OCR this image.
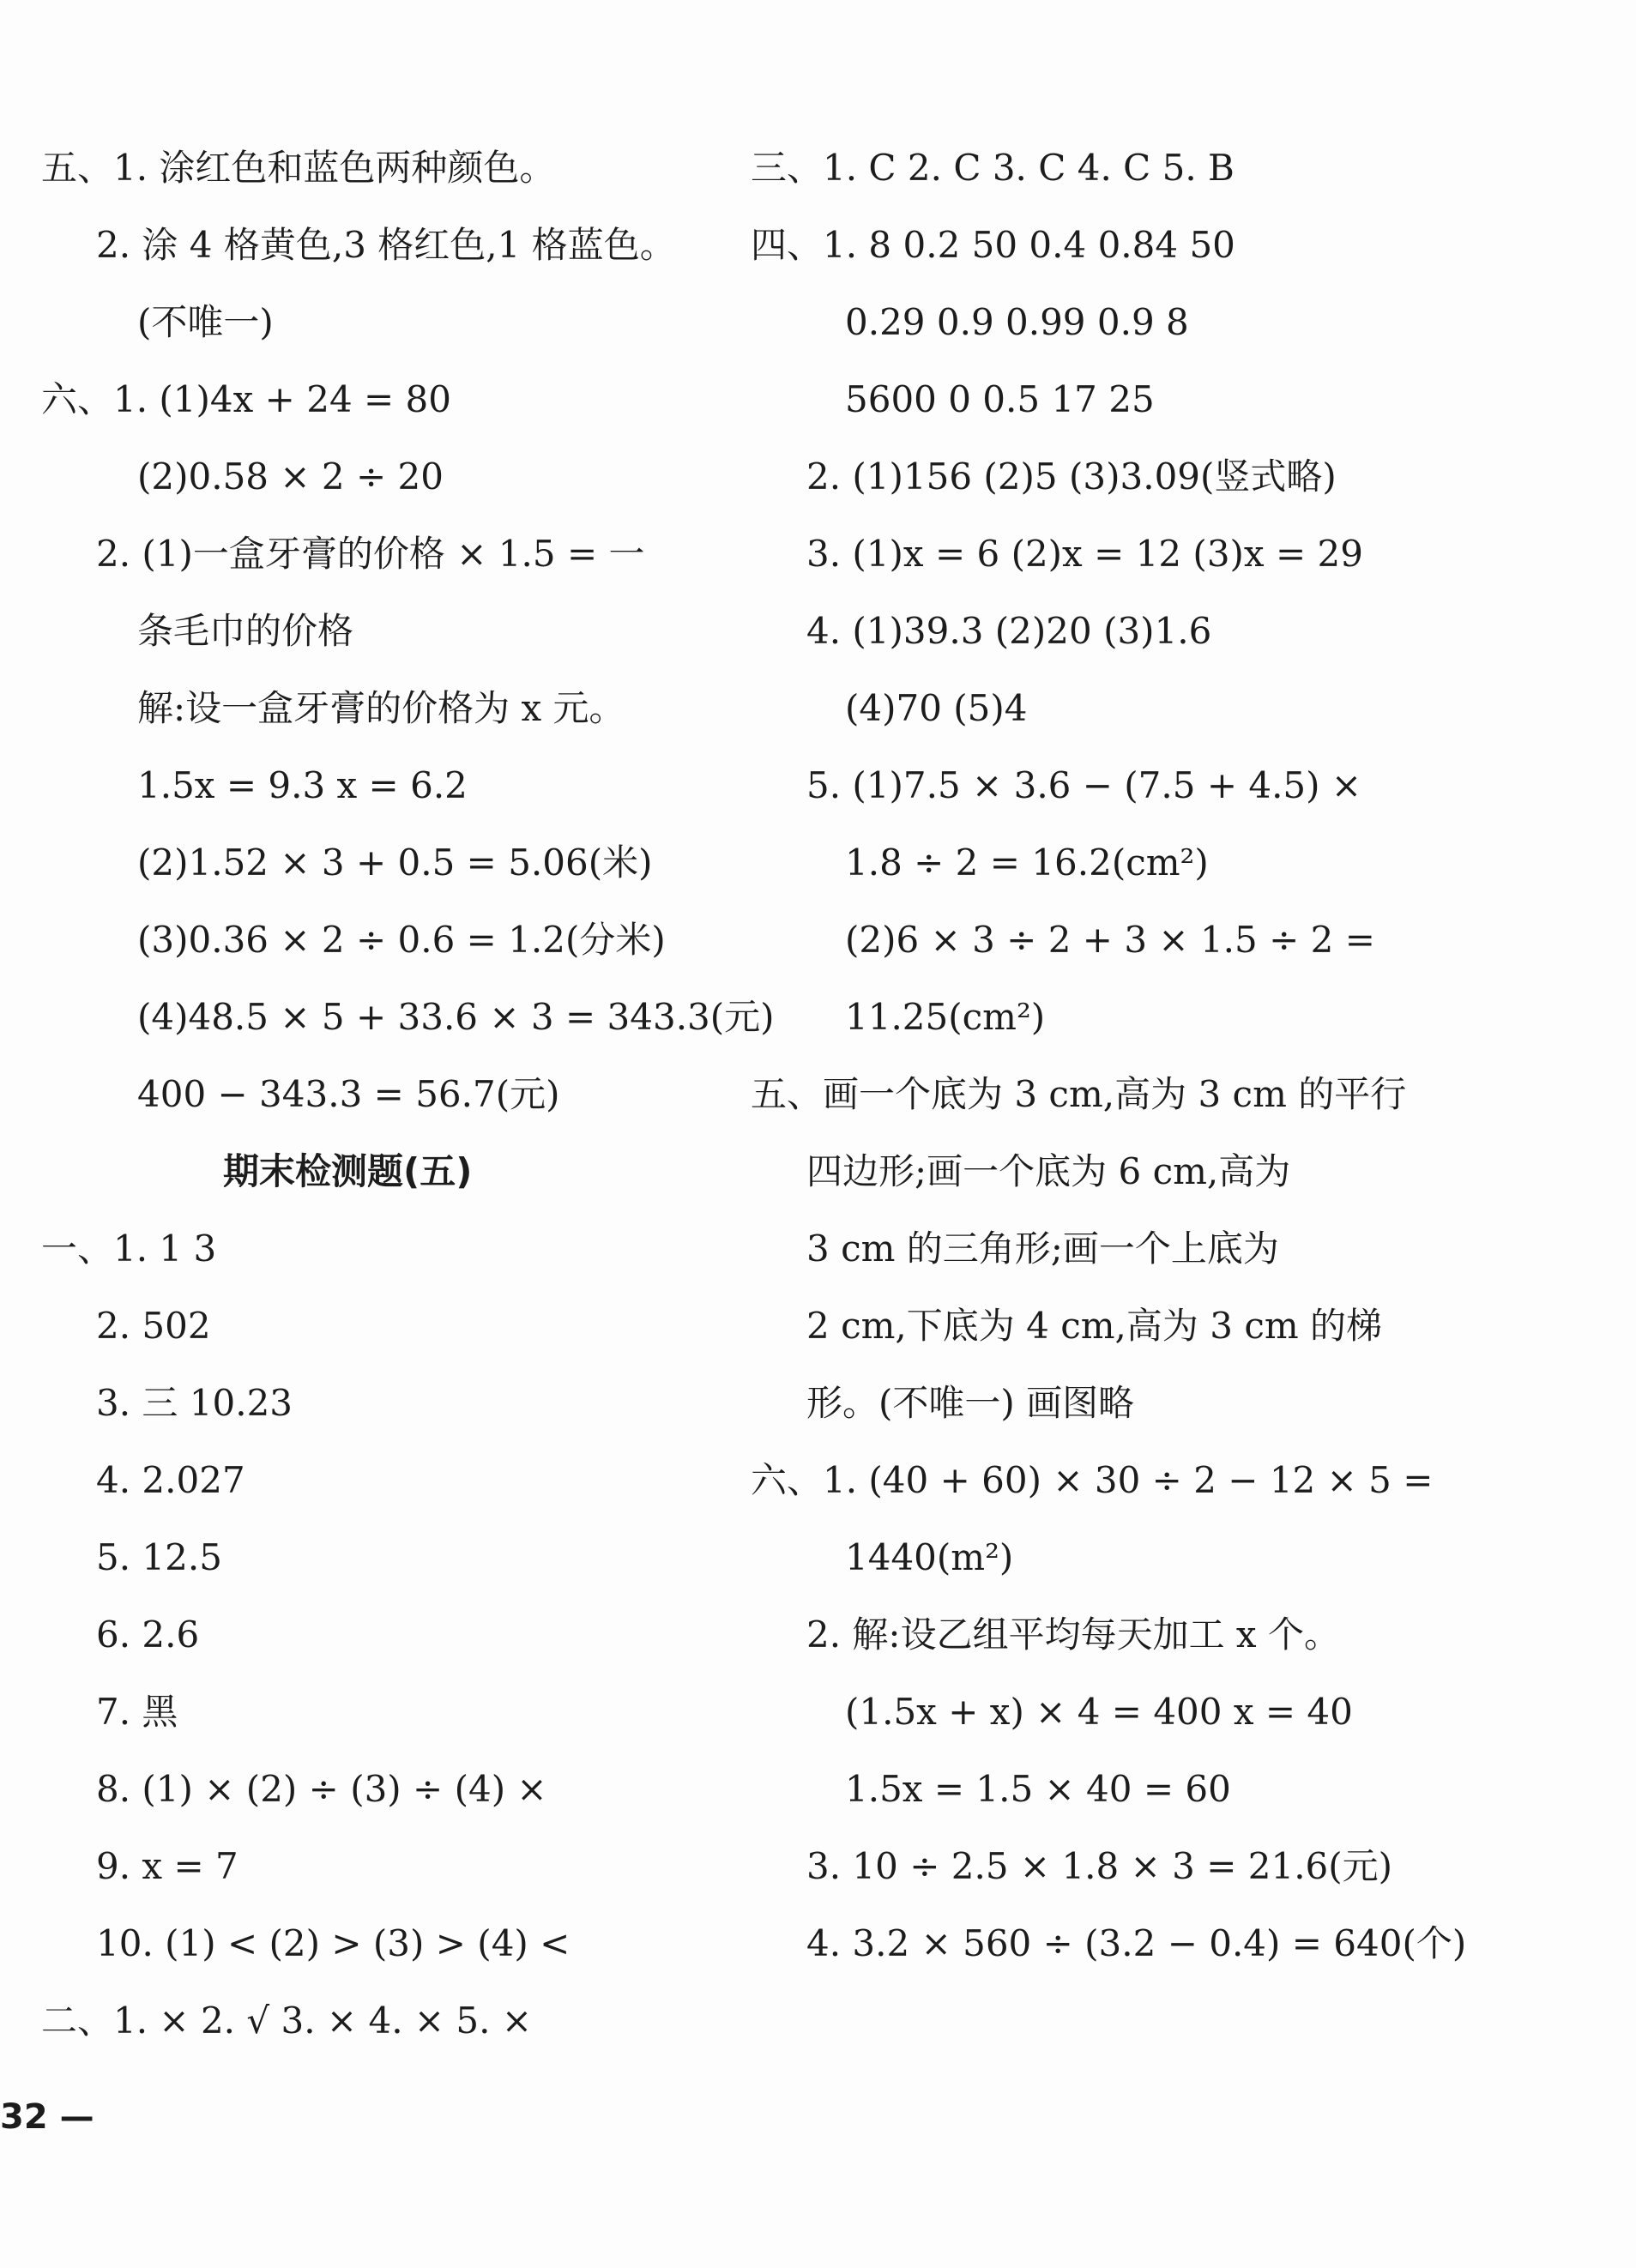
五、1. 涂红色和蓝色两种颜色。
2. 涂 4 格黄色,3 格红色,1 格蓝色。
(不唯一)
六、1. (1)4x + 24 = 80
(2)0.58 × 2 ÷ 20
2. (1)一盒牙膏的价格 × 1.5 = 一
条毛巾的价格
解:设一盒牙膏的价格为 x 元。
1.5x = 9.3 x = 6.2
(2)1.52 × 3 + 0.5 = 5.06(米)
(3)0.36 × 2 ÷ 0.6 = 1.2(分米)
(4)48.5 × 5 + 33.6 × 3 = 343.3(元)
400 − 343.3 = 56.7(元)
期末检测题(五)
一、1. 1 3
2. 502
3. 三 10.23
4. 2.027
5. 12.5
6. 2.6
7. 黑
8. (1) × (2) ÷ (3) ÷ (4) ×
9. x = 7
10. (1) < (2) > (3) > (4) <
二、1. × 2. √ 3. × 4. × 5. ×
三、1. C 2. C 3. C 4. C 5. B
四、1. 8 0.2 50 0.4 0.84 50
0.29 0.9 0.99 0.9 8
5600 0 0.5 17 25
2. (1)156 (2)5 (3)3.09(竖式略)
3. (1)x = 6 (2)x = 12 (3)x = 29
4. (1)39.3 (2)20 (3)1.6
(4)70 (5)4
5. (1)7.5 × 3.6 − (7.5 + 4.5) ×
1.8 ÷ 2 = 16.2(cm²)
(2)6 × 3 ÷ 2 + 3 × 1.5 ÷ 2 =
11.25(cm²)
五、画一个底为 3 cm,高为 3 cm 的平行
四边形;画一个底为 6 cm,高为
3 cm 的三角形;画一个上底为
2 cm,下底为 4 cm,高为 3 cm 的梯
形。(不唯一) 画图略
六、1. (40 + 60) × 30 ÷ 2 − 12 × 5 =
1440(m²)
2. 解:设乙组平均每天加工 x 个。
(1.5x + x) × 4 = 400 x = 40
1.5x = 1.5 × 40 = 60
3. 10 ÷ 2.5 × 1.8 × 3 = 21.6(元)
4. 3.2 × 560 ÷ (3.2 − 0.4) = 640(个)
32 —
